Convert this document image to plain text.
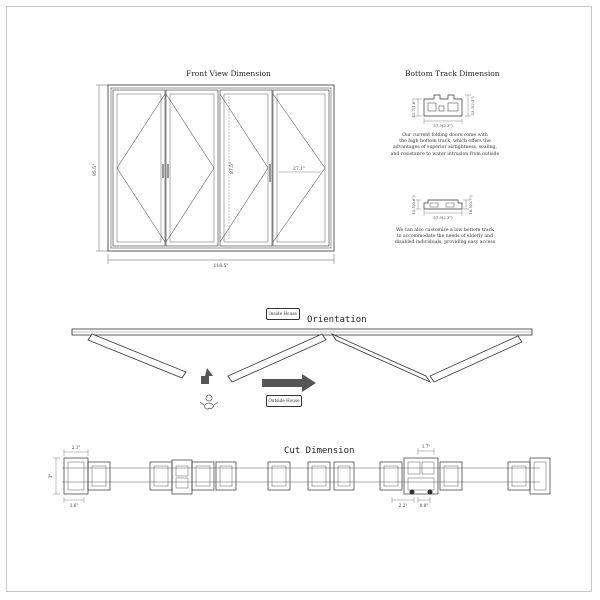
Front View Dimension	Bottom Track Dimension
Orientation
Cut Dimension
Our current folding doors come with
the high bottom track, which offers the
advantages of superior airtightness, sealing,
and resistance to water intrusion from outside
We can also customize a low bottom track
to accommodate the needs of elderly and
disabled individuals, providing easy access
Inside House
Outside House
95.5"
118.5"
87.5"	27.1"
41.7(1.6")	53.3(2.1")
57.3(2.3")
15.5(0.6")	16.5(0.7")
57.3(2.3")
2.1"
3"
1.6"
1.7"
2.2"	0.8"
